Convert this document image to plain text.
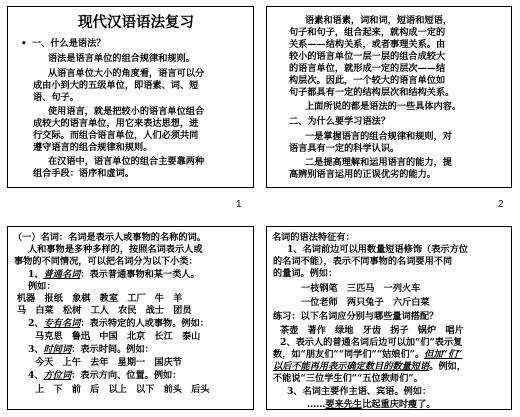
1	2
现代汉语语法复习
• 一、什么是语法？
语法是语言单位的组合规律和规则。
从语言单位大小的角度看，语言可以分
成由小到大的五级单位，即语素、词、短
语、句子。
使用语言，就是把较小的语言单位组合
成较大的语言单位，用它来表达思想，进
行交际。而组合语言单位，人们必须共同
遵守语言的组合规律和规则。
在汉语中，语言单位的组合主要靠两种
组合手段：语序和虚词。
语素和语素，词和词，短语和短语，
句子和句子，组合起来，就构成一定的
关系——结构关系，或者事理关系。由
较小的语言单位一层一层的组合成较大
的语言单位，就形成一定的层次——结
构层次。因此，一个较大的语言单位如
句子都具有一定的结构层次和结构关系。
上面所说的都是语法的一些具体内容。
二、为什么要学习语法？
一是掌握语言的组合规律和规则，对
语言具有一定的科学认识。
二是提高理解和运用语言的能力，提
高辨别语言运用的正误优劣的能力。
（一）名词：名词是表示人或事物的名称的词。
人和事物是多种多样的，按照名词表示人或
事物的不同情况，可以把名词分为以下小类：
1、普通名词：表示普通事物和某一类人。
例如：
机器　报纸　象棋　教室　工厂　牛　羊
马　白菜　松树　工人　农民　战士　团员
2、专有名词：表示特定的人或事物。例如：
马克思　鲁迅　中国　北京　长江　泰山
3、时间词：表示时间。例如：
今天　上午　去年　星期一　国庆节
4、方位词：表示方向、位置。例如：
上　下　前　后　以上　以下　前头　后头
名词的语法特征有：
1、名词前边可以用数量短语修饰（表示方位
的名词不能），表示不同事物的名词要用不同
的量词。例如：
一枝钢笔　三匹马　一列火车
一位老师　两只兔子　六斤白菜
练习：以下名词应分别与哪些量词搭配？
茶壶　著作　绿地　牙齿　拐子　锅炉　唱片
2、表示人的普通名词后边可以加“们”表示复
数，如“朋友们”“同学们”“姑娘们”。但加“们”
以后不能再用表示确定数目的数量短语。例如，
不能说“三位学生们”“五位教师们”。
3、名词主要作主语、宾语。例如：
……要来先生比起重庆时瘦了。
